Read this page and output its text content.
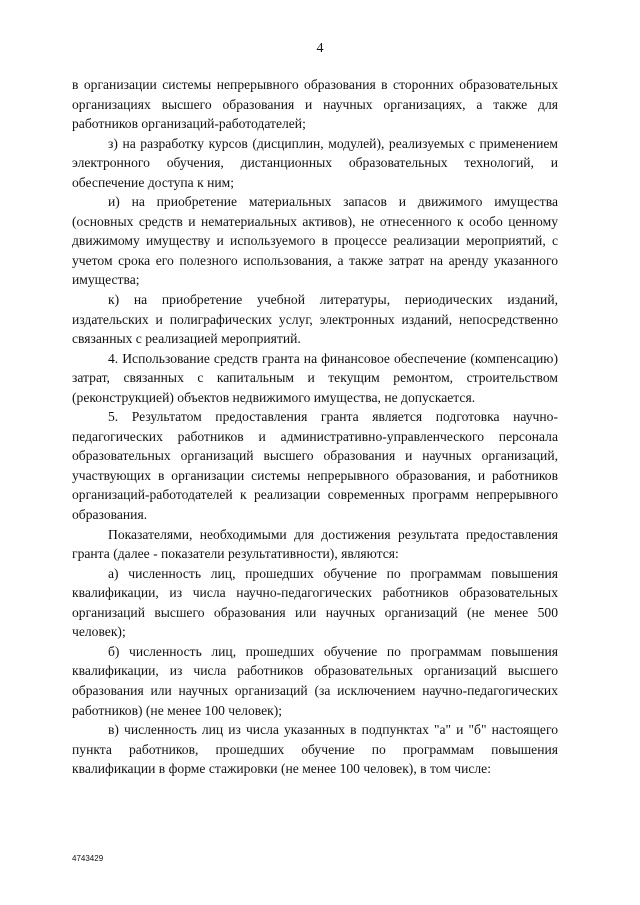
4

в организации системы непрерывного образования в сторонних образовательных организациях высшего образования и научных организациях, а также для работников организаций-работодателей;

з) на разработку курсов (дисциплин, модулей), реализуемых с применением электронного обучения, дистанционных образовательных технологий, и обеспечение доступа к ним;

и) на приобретение материальных запасов и движимого имущества (основных средств и нематериальных активов), не отнесенного к особо ценному движимому имуществу и используемого в процессе реализации мероприятий, с учетом срока его полезного использования, а также затрат на аренду указанного имущества;

к) на приобретение учебной литературы, периодических изданий, издательских и полиграфических услуг, электронных изданий, непосредственно связанных с реализацией мероприятий.

4. Использование средств гранта на финансовое обеспечение (компенсацию) затрат, связанных с капитальным и текущим ремонтом, строительством (реконструкцией) объектов недвижимого имущества, не допускается.

5. Результатом предоставления гранта является подготовка научно-педагогических работников и административно-управленческого персонала образовательных организаций высшего образования и научных организаций, участвующих в организации системы непрерывного образования, и работников организаций-работодателей к реализации современных программ непрерывного образования.

Показателями, необходимыми для достижения результата предоставления гранта (далее - показатели результативности), являются:

а) численность лиц, прошедших обучение по программам повышения квалификации, из числа научно-педагогических работников образовательных организаций высшего образования или научных организаций (не менее 500 человек);

б) численность лиц, прошедших обучение по программам повышения квалификации, из числа работников образовательных организаций высшего образования или научных организаций (за исключением научно-педагогических работников) (не менее 100 человек);

в) численность лиц из числа указанных в подпунктах "а" и "б" настоящего пункта работников, прошедших обучение по программам повышения квалификации в форме стажировки (не менее 100 человек), в том числе:

4743429
